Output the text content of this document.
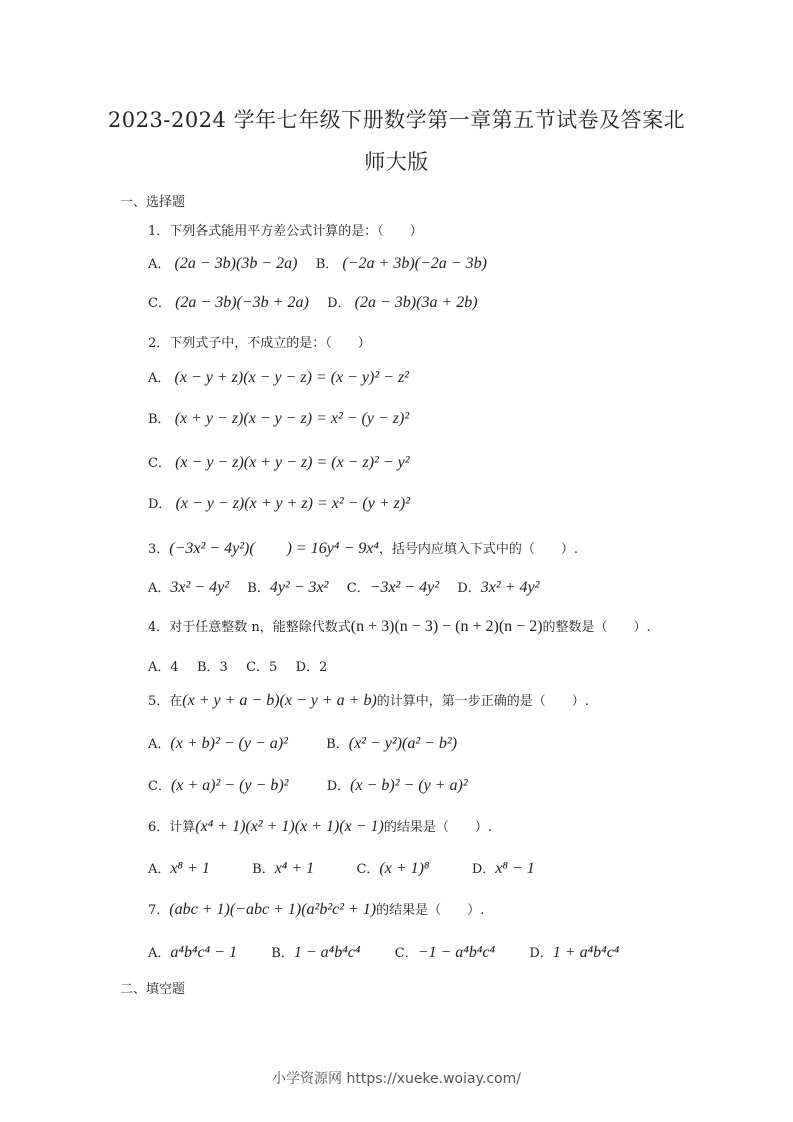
2023-2024 学年七年级下册数学第一章第五节试卷及答案北
师大版
一、选择题
1．下列各式能用平方差公式计算的是：（　　）
A． (2a − 3b)(3b − 2a) B． (−2a + 3b)(−2a − 3b)
C． (2a − 3b)(−3b + 2a) D． (2a − 3b)(3a + 2b)
2．下列式子中，不成立的是：（　　）
A． (x − y + z)(x − y − z) = (x − y)² − z²
B． (x + y − z)(x − y − z) = x² − (y − z)²
C． (x − y − z)(x + y − z) = (x − z)² − y²
D． (x − y − z)(x + y + z) = x² − (y + z)²
3．(−3x² − 4y²)(　　) = 16y⁴ − 9x⁴，括号内应填入下式中的（　　）.
A．3x² − 4y² B．4y² − 3x² C．−3x² − 4y² D．3x² + 4y²
4．对于任意整数 n，能整除代数式(n + 3)(n − 3) − (n + 2)(n − 2)的整数是（　　）.
A．4 B．3 C．5 D．2
5．在(x + y + a − b)(x − y + a + b)的计算中，第一步正确的是（　　）.
A．(x + b)² − (y − a)²	B．(x² − y²)(a² − b²)
C．(x + a)² − (y − b)²	D．(x − b)² − (y + a)²
6．计算(x⁴ + 1)(x² + 1)(x + 1)(x − 1)的结果是（　　）.
A．x⁸ + 1	B．x⁴ + 1	C．(x + 1)⁸	D．x⁸ − 1
7．(abc + 1)(−abc + 1)(a²b²c² + 1)的结果是（　　）.
A．a⁴b⁴c⁴ − 1	B．1 − a⁴b⁴c⁴	C．−1 − a⁴b⁴c⁴	D．1 + a⁴b⁴c⁴
二、填空题
小学资源网 https://xueke.woiay.com/
